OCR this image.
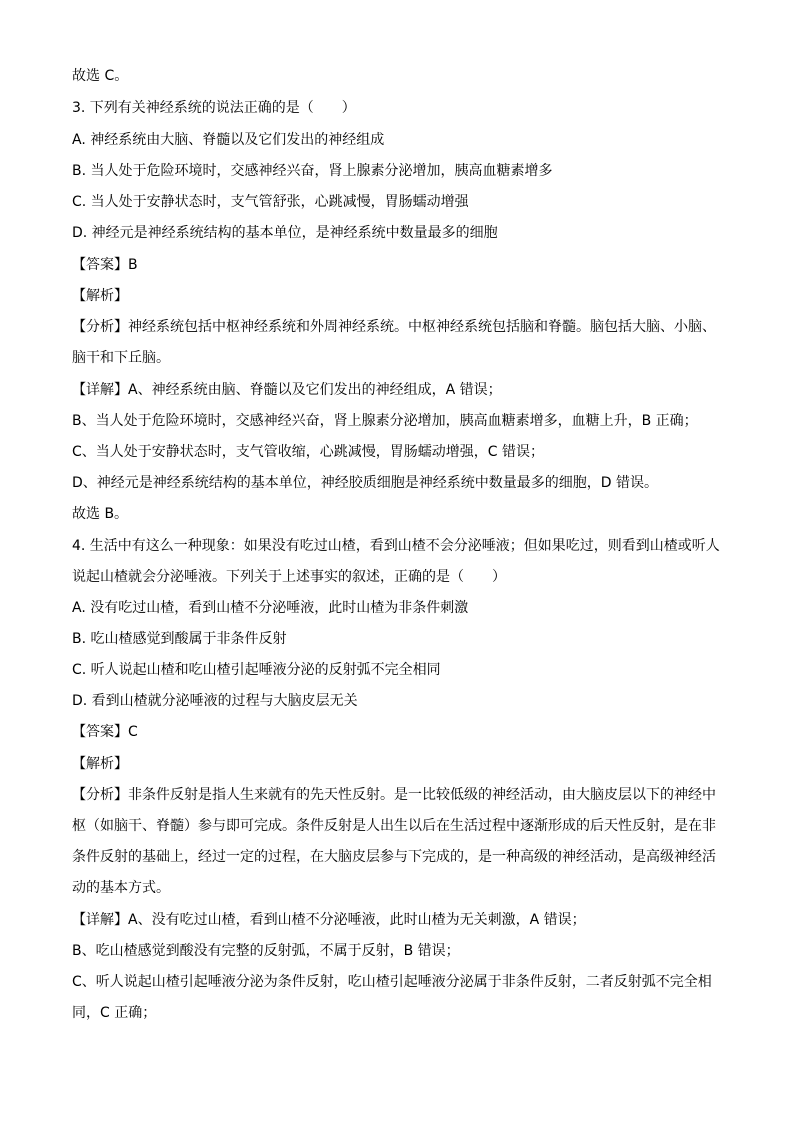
故选 C。
3. 下列有关神经系统的说法正确的是（　　）
A. 神经系统由大脑、脊髓以及它们发出的神经组成
B. 当人处于危险环境时，交感神经兴奋，肾上腺素分泌增加，胰高血糖素增多
C. 当人处于安静状态时，支气管舒张，心跳减慢，胃肠蠕动增强
D. 神经元是神经系统结构的基本单位，是神经系统中数量最多的细胞
【答案】B
【解析】
【分析】神经系统包括中枢神经系统和外周神经系统。中枢神经系统包括脑和脊髓。脑包括大脑、小脑、
脑干和下丘脑。
【详解】A、神经系统由脑、脊髓以及它们发出的神经组成，A 错误；
B、当人处于危险环境时，交感神经兴奋，肾上腺素分泌增加，胰高血糖素增多，血糖上升，B 正确；
C、当人处于安静状态时，支气管收缩，心跳减慢，胃肠蠕动增强，C 错误；
D、神经元是神经系统结构的基本单位，神经胶质细胞是神经系统中数量最多的细胞，D 错误。
故选 B。
4. 生活中有这么一种现象：如果没有吃过山楂，看到山楂不会分泌唾液；但如果吃过，则看到山楂或听人
说起山楂就会分泌唾液。下列关于上述事实的叙述，正确的是（　　）
A. 没有吃过山楂，看到山楂不分泌唾液，此时山楂为非条件刺激
B. 吃山楂感觉到酸属于非条件反射
C. 听人说起山楂和吃山楂引起唾液分泌的反射弧不完全相同
D. 看到山楂就分泌唾液的过程与大脑皮层无关
【答案】C
【解析】
【分析】非条件反射是指人生来就有的先天性反射。是一比较低级的神经活动，由大脑皮层以下的神经中
枢（如脑干、脊髓）参与即可完成。条件反射是人出生以后在生活过程中逐渐形成的后天性反射，是在非
条件反射的基础上，经过一定的过程，在大脑皮层参与下完成的，是一种高级的神经活动，是高级神经活
动的基本方式。
【详解】A、没有吃过山楂，看到山楂不分泌唾液，此时山楂为无关刺激，A 错误；
B、吃山楂感觉到酸没有完整的反射弧，不属于反射，B 错误；
C、听人说起山楂引起唾液分泌为条件反射，吃山楂引起唾液分泌属于非条件反射，二者反射弧不完全相
同，C 正确；
